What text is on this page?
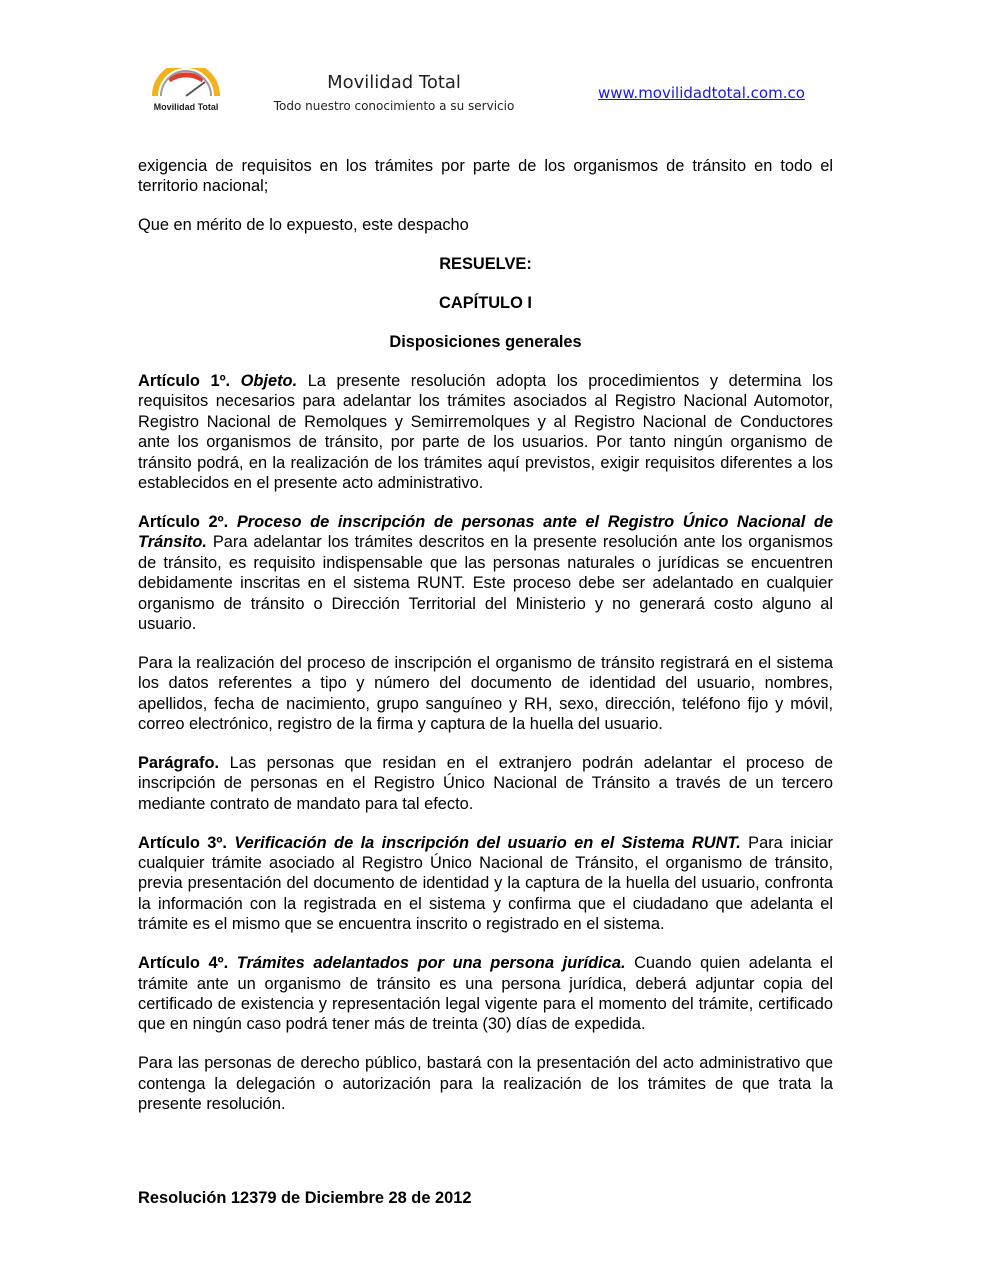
Movilidad Total
Movilidad Total
Todo nuestro conocimiento a su servicio
www.movilidadtotal.com.co

exigencia de requisitos en los trámites por parte de los organismos de tránsito en todo el territorio nacional;

Que en mérito de lo expuesto, este despacho

RESUELVE:

CAPÍTULO I

Disposiciones generales

Artículo 1º. Objeto. La presente resolución adopta los procedimientos y determina los requisitos necesarios para adelantar los trámites asociados al Registro Nacional Automotor, Registro Nacional de Remolques y Semirremolques y al Registro Nacional de Conductores ante los organismos de tránsito, por parte de los usuarios. Por tanto ningún organismo de tránsito podrá, en la realización de los trámites aquí previstos, exigir requisitos diferentes a los establecidos en el presente acto administrativo.

Artículo 2º. Proceso de inscripción de personas ante el Registro Único Nacional de Tránsito. Para adelantar los trámites descritos en la presente resolución ante los organismos de tránsito, es requisito indispensable que las personas naturales o jurídicas se encuentren debidamente inscritas en el sistema RUNT. Este proceso debe ser adelantado en cualquier organismo de tránsito o Dirección Territorial del Ministerio y no generará costo alguno al usuario.

Para la realización del proceso de inscripción el organismo de tránsito registrará en el sistema los datos referentes a tipo y número del documento de identidad del usuario, nombres, apellidos, fecha de nacimiento, grupo sanguíneo y RH, sexo, dirección, teléfono fijo y móvil, correo electrónico, registro de la firma y captura de la huella del usuario.

Parágrafo. Las personas que residan en el extranjero podrán adelantar el proceso de inscripción de personas en el Registro Único Nacional de Tránsito a través de un tercero mediante contrato de mandato para tal efecto.

Artículo 3º. Verificación de la inscripción del usuario en el Sistema RUNT. Para iniciar cualquier trámite asociado al Registro Único Nacional de Tránsito, el organismo de tránsito, previa presentación del documento de identidad y la captura de la huella del usuario, confronta la información con la registrada en el sistema y confirma que el ciudadano que adelanta el trámite es el mismo que se encuentra inscrito o registrado en el sistema.

Artículo 4º. Trámites adelantados por una persona jurídica. Cuando quien adelanta el trámite ante un organismo de tránsito es una persona jurídica, deberá adjuntar copia del certificado de existencia y representación legal vigente para el momento del trámite, certificado que en ningún caso podrá tener más de treinta (30) días de expedida.

Para las personas de derecho público, bastará con la presentación del acto administrativo que contenga la delegación o autorización para la realización de los trámites de que trata la presente resolución.

Resolución 12379 de Diciembre 28 de 2012
